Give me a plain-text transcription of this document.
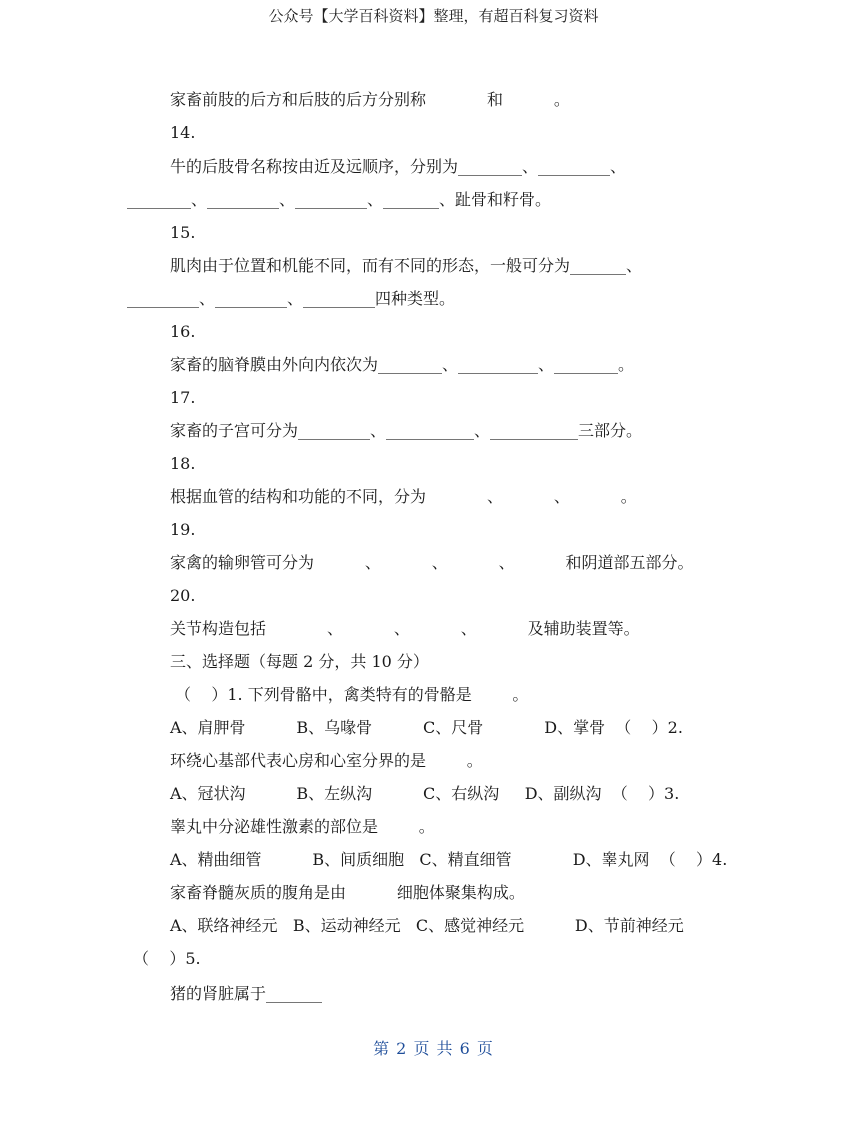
公众号【大学百科资料】整理，有超百科复习资料
家畜前肢的后方和后肢的后方分别称            和          。
14.
牛的后肢骨名称按由近及远顺序，分别为________、_________、
________、_________、_________、_______、趾骨和籽骨。
15.
肌肉由于位置和机能不同，而有不同的形态，一般可分为_______、
_________、_________、_________四种类型。
16.
家畜的脑脊膜由外向内依次为________、__________、________。
17.
家畜的子宫可分为_________、___________、___________三部分。
18.
根据血管的结构和功能的不同，分为            、          、          。
19.
家禽的输卵管可分为          、          、          、          和阴道部五部分。
20.
关节构造包括            、          、          、          及辅助装置等。
三、选择题（每题 2 分，共 10 分）
（    ）1. 下列骨骼中，禽类特有的骨骼是        。
A、肩胛骨          B、乌喙骨          C、尺骨            D、掌骨  （    ）2.
环绕心基部代表心房和心室分界的是        。
A、冠状沟          B、左纵沟          C、右纵沟     D、副纵沟  （    ）3.
睾丸中分泌雄性激素的部位是        。
A、精曲细管          B、间质细胞   C、精直细管            D、睾丸网  （    ）4.
家畜脊髓灰质的腹角是由          细胞体聚集构成。
A、联络神经元   B、运动神经元   C、感觉神经元          D、节前神经元
（    ）5.
猪的肾脏属于_______
第 2 页 共 6 页
